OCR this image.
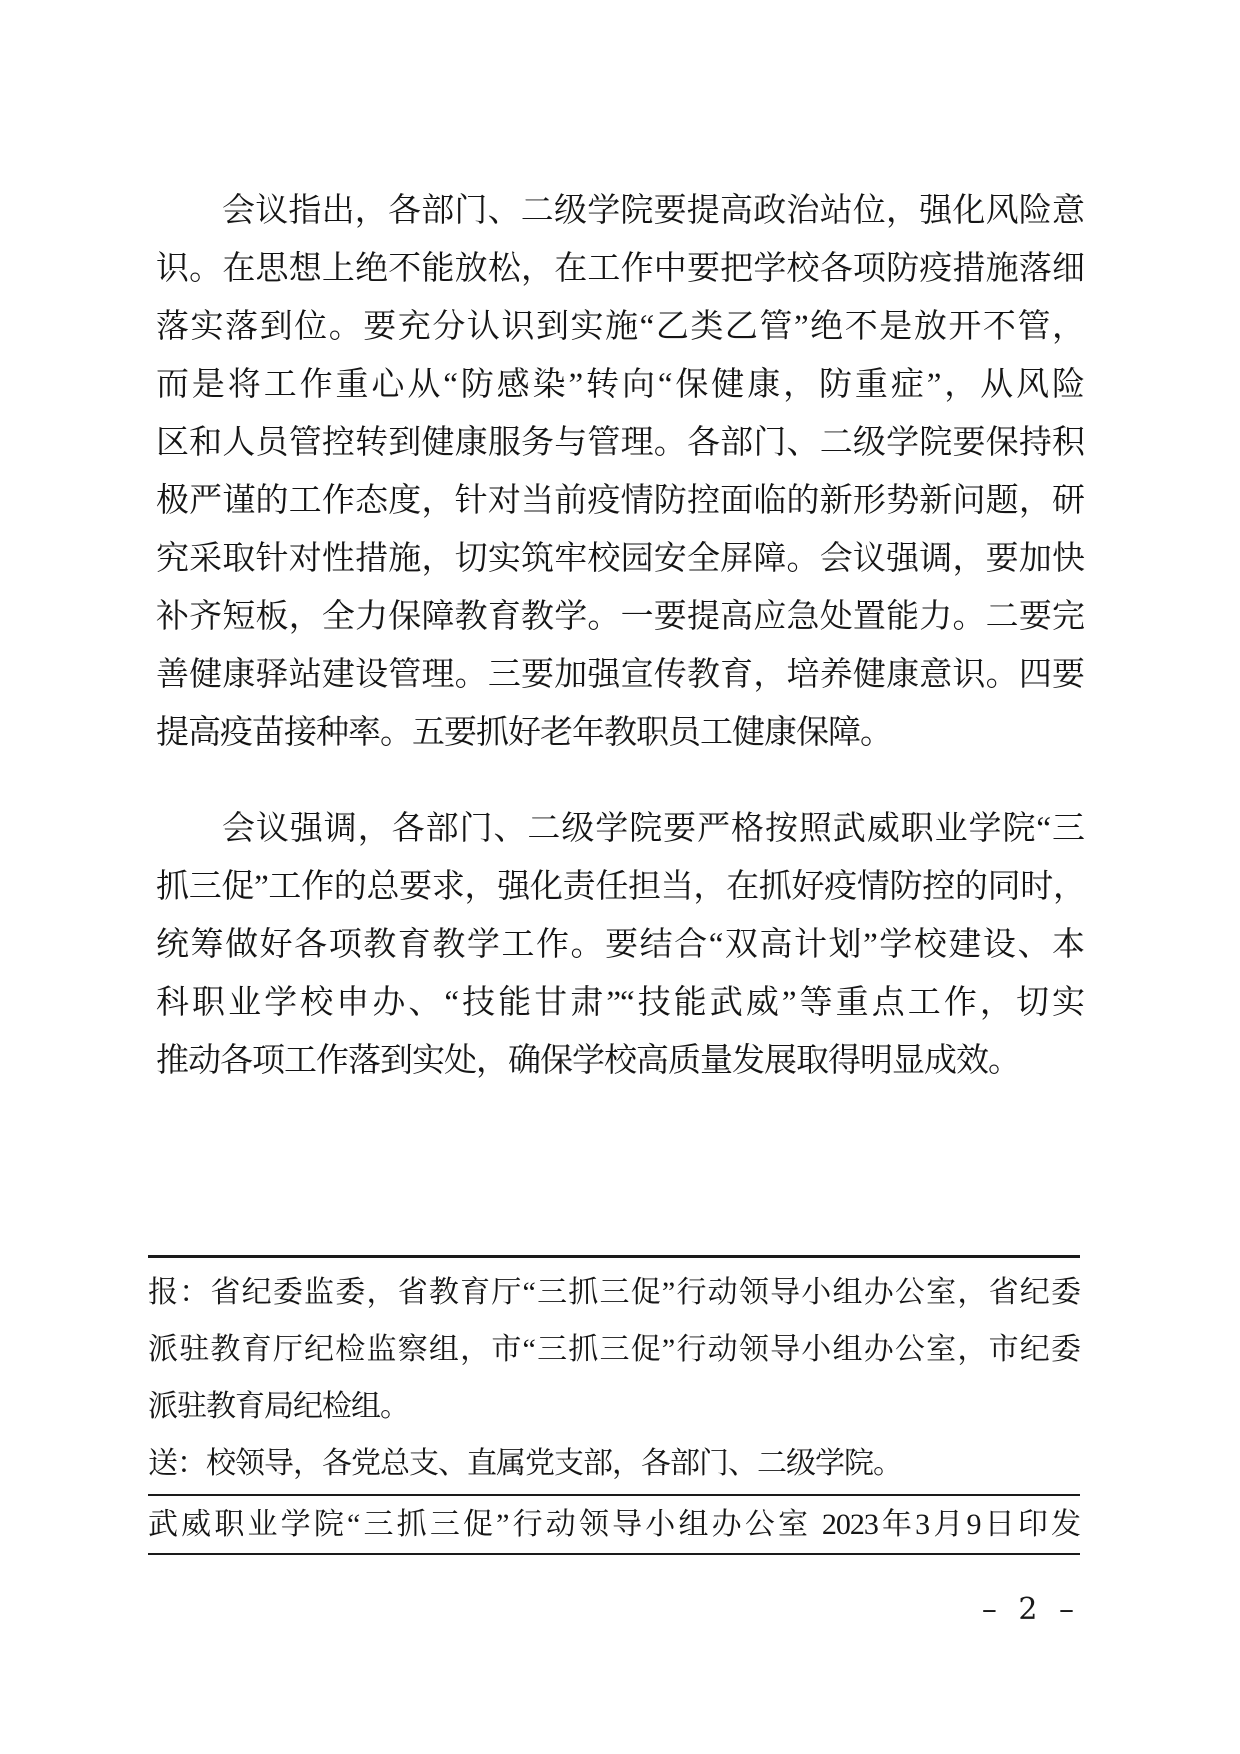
会议指出，各部门、二级学院要提高政治站位，强化风险意
识。在思想上绝不能放松，在工作中要把学校各项防疫措施落细
落实落到位。要充分认识到实施“乙类乙管”绝不是放开不管，
而是将工作重心从“防感染”转向“保健康，防重症”，从风险
区和人员管控转到健康服务与管理。各部门、二级学院要保持积
极严谨的工作态度，针对当前疫情防控面临的新形势新问题，研
究采取针对性措施，切实筑牢校园安全屏障。会议强调，要加快
补齐短板，全力保障教育教学。一要提高应急处置能力。二要完
善健康驿站建设管理。三要加强宣传教育，培养健康意识。四要
提高疫苗接种率。五要抓好老年教职员工健康保障。
会议强调，各部门、二级学院要严格按照武威职业学院“三
抓三促”工作的总要求，强化责任担当，在抓好疫情防控的同时，
统筹做好各项教育教学工作。要结合“双高计划”学校建设、本
科职业学校申办、“技能甘肃”“技能武威”等重点工作，切实
推动各项工作落到实处，确保学校高质量发展取得明显成效。
报：省纪委监委，省教育厅“三抓三促”行动领导小组办公室，省纪委
派驻教育厅纪检监察组，市“三抓三促”行动领导小组办公室，市纪委
派驻教育局纪检组。
送：校领导，各党总支、直属党支部，各部门、二级学院。
武威职业学院“三抓三促”行动领导小组办公室 2023年3月9日印发
– 2 –
